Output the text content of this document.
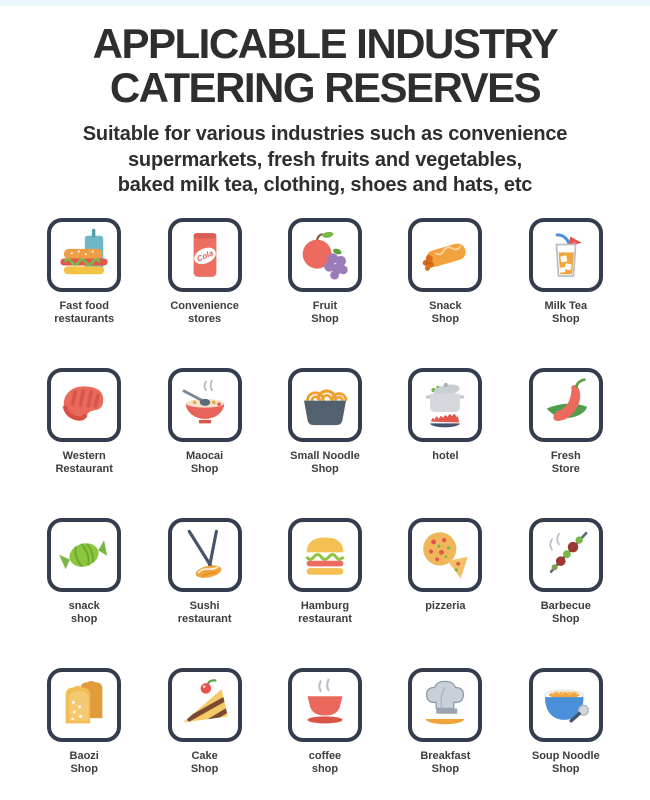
APPLICABLE INDUSTRY
CATERING RESERVES
Suitable for various industries such as convenience
supermarkets, fresh fruits and vegetables,
baked milk tea, clothing, shoes and hats, etc
Fast food
restaurants
Cola
Convenience
stores
Fruit
Shop
Snack
Shop
Milk Tea
Shop
Western
Restaurant
Maocai
Shop
Small Noodle
Shop
hotel	Fresh
Store
snack
shop
Sushi
restaurant
Hamburg
restaurant
pizzeria	Barbecue
Shop
Baozi
Shop
Cake
Shop
coffee
shop
Breakfast
Shop
Soup Noodle
Shop
